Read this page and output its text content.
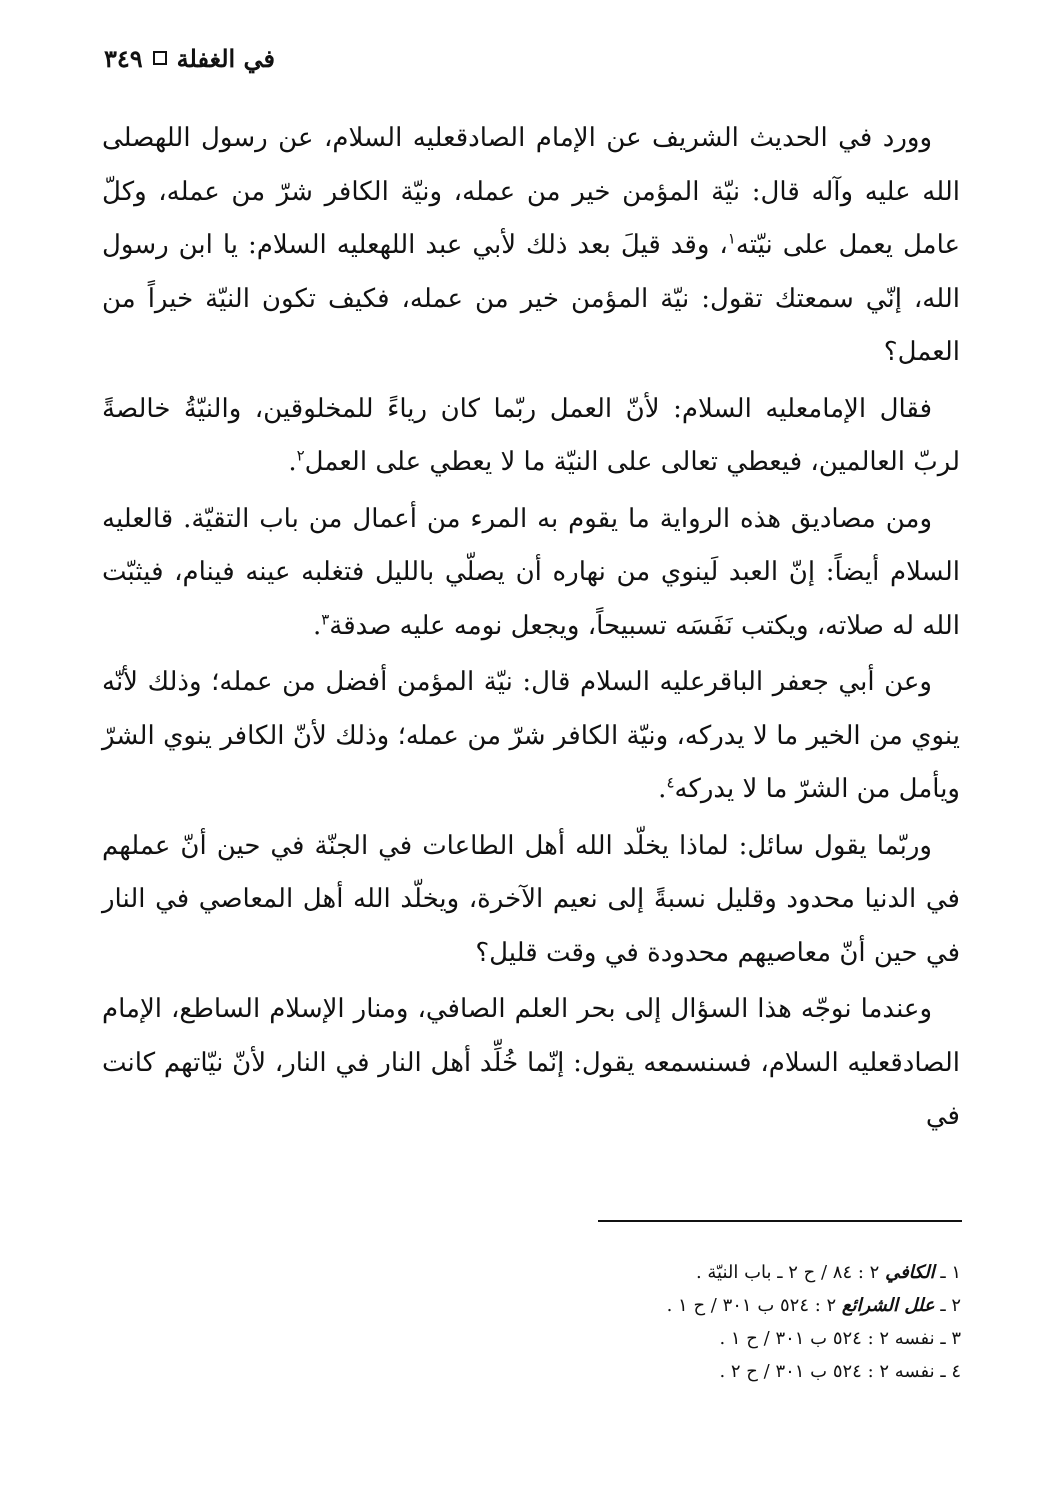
في الغفلة
٣٤٩

وورد في الحديث الشريف عن الإمام الصادقعليه السلام، عن رسول اللهصلى الله عليه وآله قال: نيّة المؤمن خير من عمله، ونيّة الكافر شرّ من عمله، وكلّ عامل يعمل على نيّته$^١$، وقد قيلَ بعد ذلك لأبي عبد اللهعليه السلام: يا ابن رسول الله، إنّي سمعتك تقول: نيّة المؤمن خير من عمله، فكيف تكون النيّة خيراً من العمل؟

فقال الإمامعليه السلام: لأنّ العمل ربّما كان رياءً للمخلوقين، والنيّةُ خالصةً لربّ العالمين، فيعطي تعالى على النيّة ما لا يعطي على العمل$^٢$.

ومن مصاديق هذه الرواية ما يقوم به المرء من أعمال من باب التقيّة. قالعليه السلام أيضاً: إنّ العبد لَينوي من نهاره أن يصلّي بالليل فتغلبه عينه فينام، فيثبّت الله له صلاته، ويكتب نَفَسَه تسبيحاً، ويجعل نومه عليه صدقة$^٣$.

وعن أبي جعفر الباقرعليه السلام قال: نيّة المؤمن أفضل من عمله؛ وذلك لأنّه ينوي من الخير ما لا يدركه، ونيّة الكافر شرّ من عمله؛ وذلك لأنّ الكافر ينوي الشرّ ويأمل من الشرّ ما لا يدركه$^٤$.

وربّما يقول سائل: لماذا يخلّد الله أهل الطاعات في الجنّة في حين أنّ عملهم في الدنيا محدود وقليل نسبةً إلى نعيم الآخرة، ويخلّد الله أهل المعاصي في النار في حين أنّ معاصيهم محدودة في وقت قليل؟

وعندما نوجّه هذا السؤال إلى بحر العلم الصافي، ومنار الإسلام الساطع، الإمام الصادقعليه السلام، فسنسمعه يقول: إنّما خُلِّد أهل النار في النار، لأنّ نيّاتهم كانت في

١ ـ الكافي ٢ : ٨٤ / ح ٢ ـ باب النيّة .
٢ ـ علل الشرائع ٢ : ٥٢٤ ب ٣٠١ / ح ١ .
٣ ـ نفسه ٢ : ٥٢٤ ب ٣٠١ / ح ١ .
٤ ـ نفسه ٢ : ٥٢٤ ب ٣٠١ / ح ٢ .
